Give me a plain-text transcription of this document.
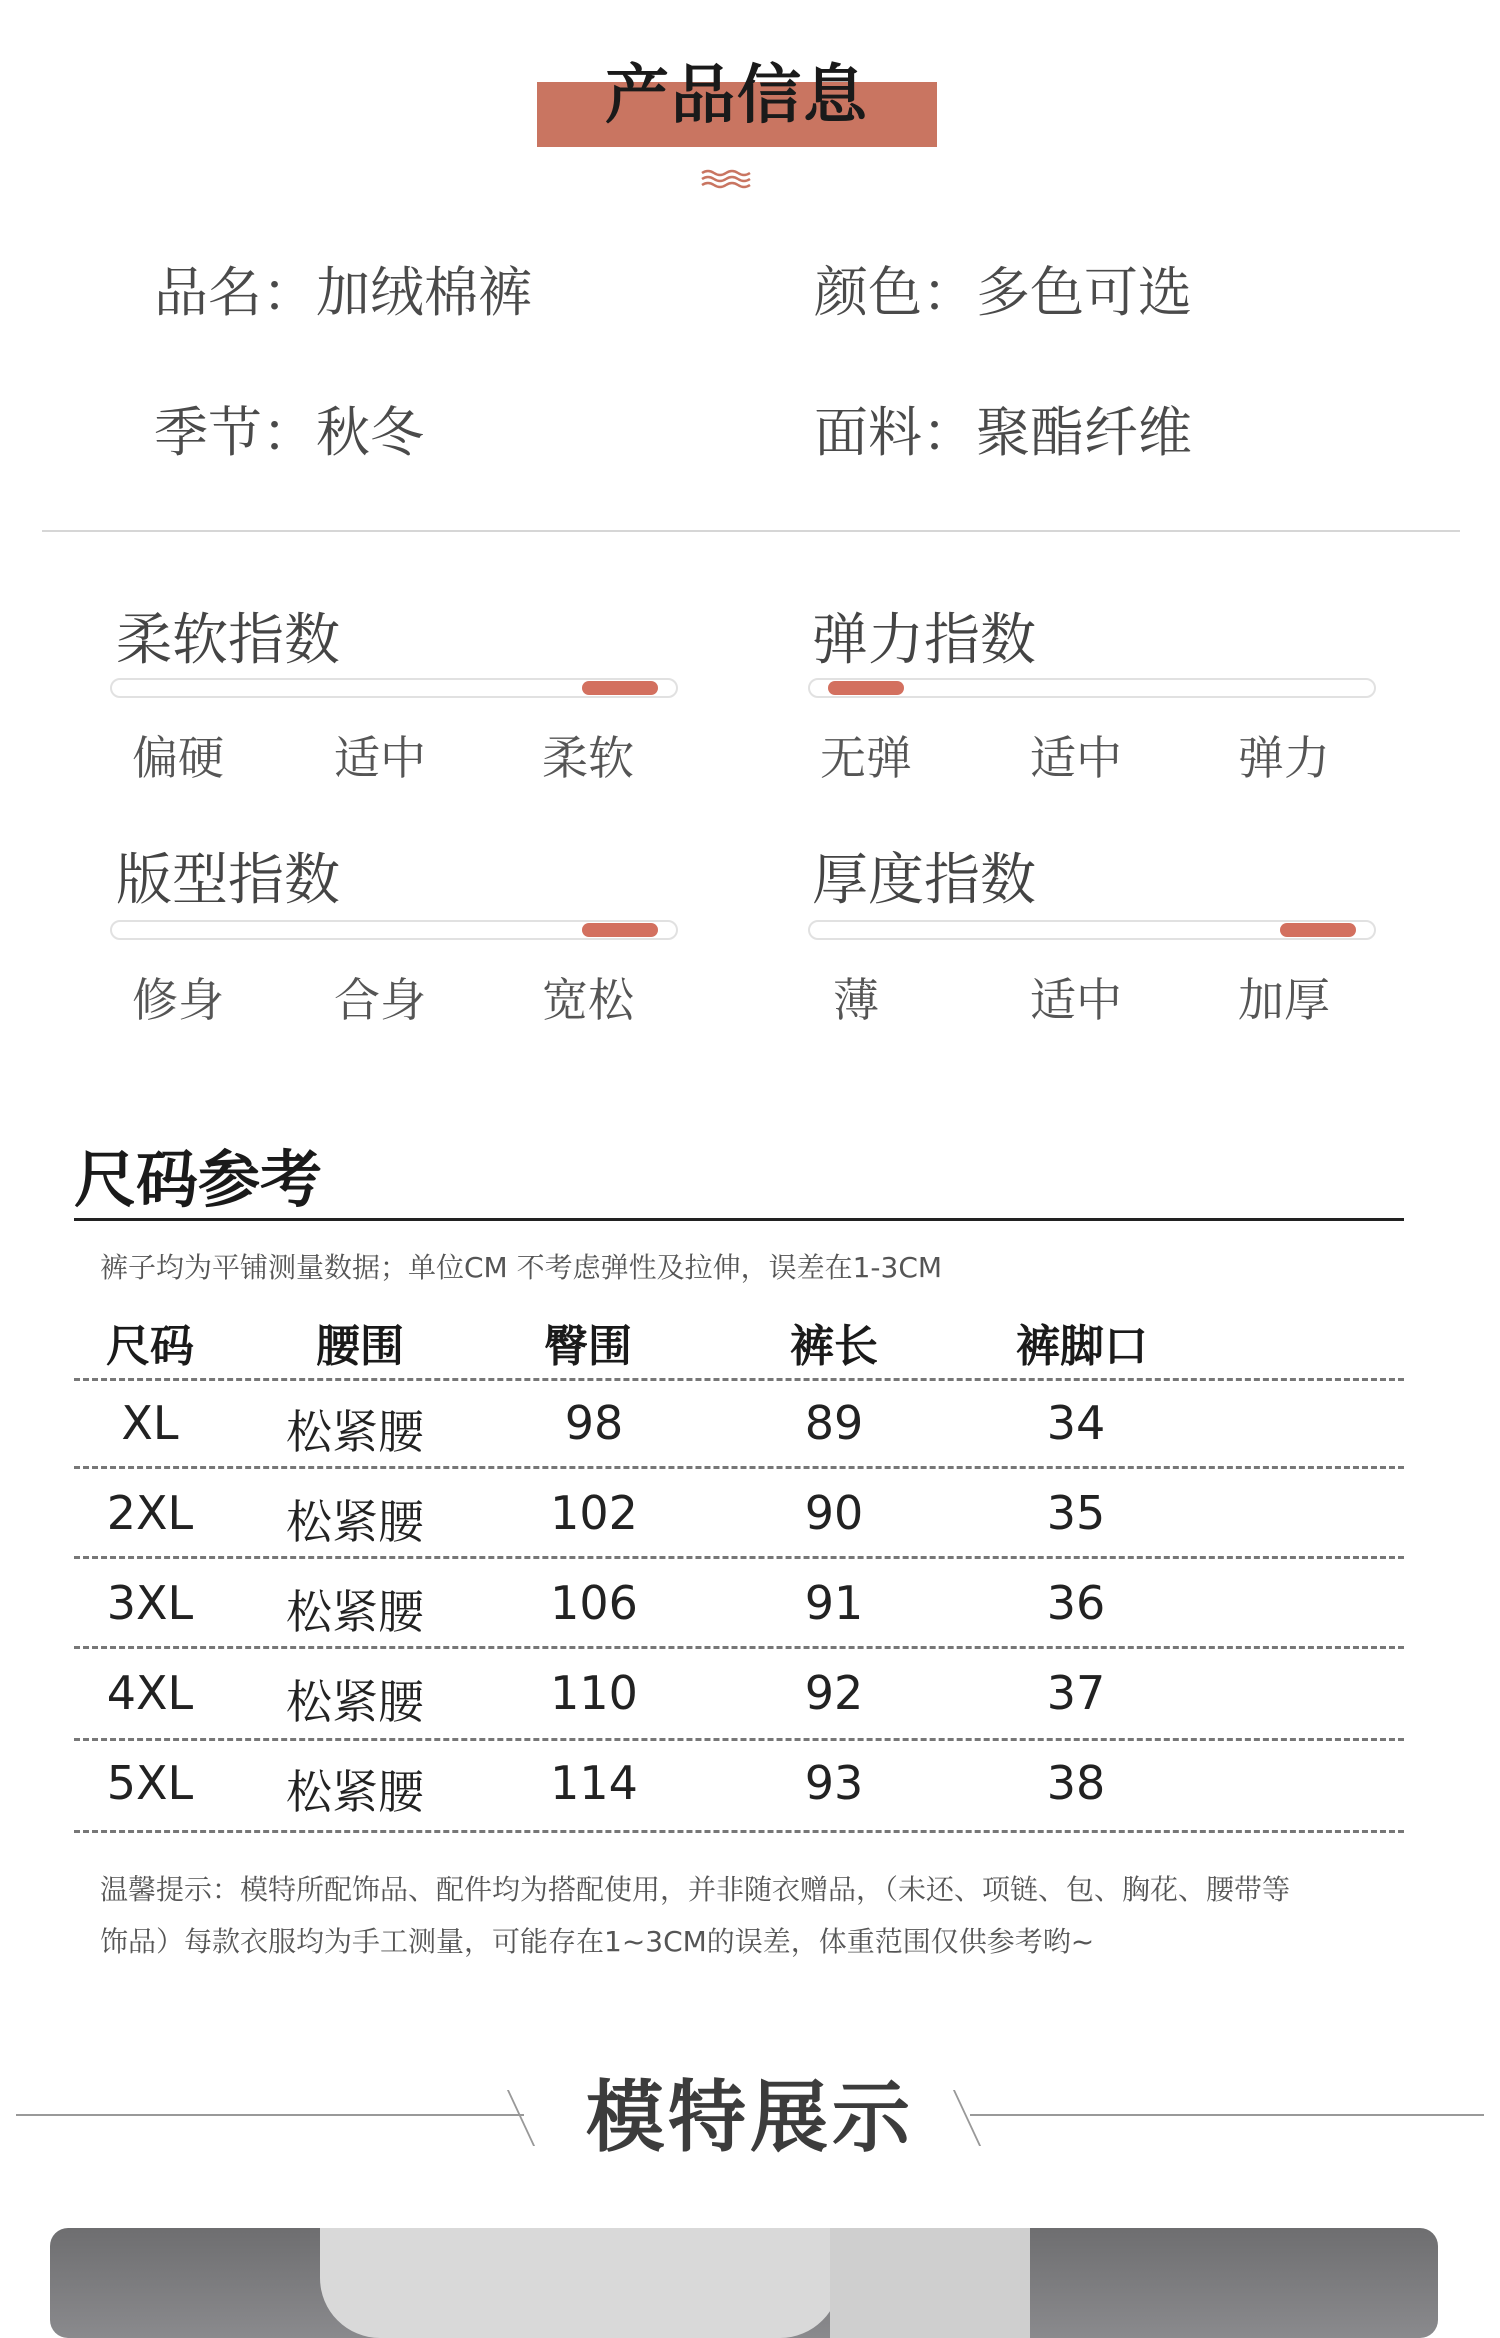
产品信息
品名：加绒棉裤	颜色：多色可选
季节：秋冬	面料：聚酯纤维
柔软指数
偏硬	适中	柔软
弹力指数
无弹	适中	弹力
版型指数
修身	合身	宽松
厚度指数
薄	适中	加厚
尺码参考
裤子均为平铺测量数据；单位CM 不考虑弹性及拉伸，误差在1-3CM
尺码	腰围	臀围	裤长	裤脚口
XL	松紧腰	98	89	34
2XL	松紧腰	102	90	35
3XL	松紧腰	106	91	36
4XL	松紧腰	110	92	37
5XL	松紧腰	114	93	38
温馨提示：模特所配饰品、配件均为搭配使用，并非随衣赠品，（未还、项链、包、胸花、腰带等
饰品）每款衣服均为手工测量，可能存在1~3CM的误差，体重范围仅供参考哟~
模特展示
